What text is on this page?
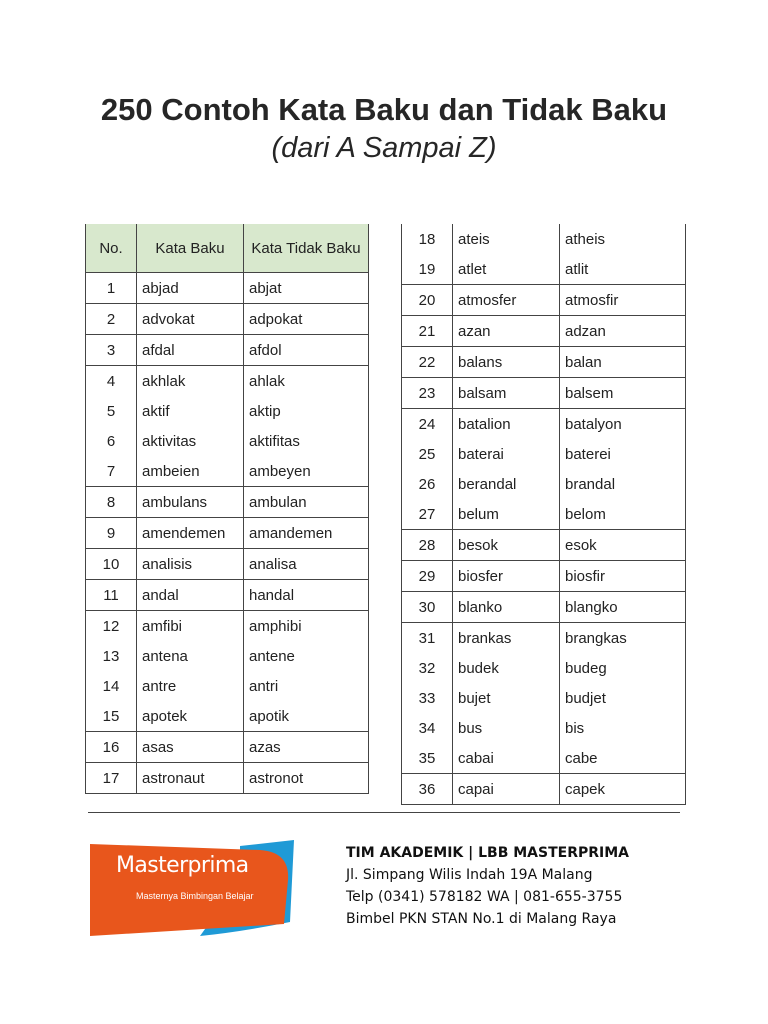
250 Contoh Kata Baku dan Tidak Baku
(dari A Sampai Z)
No.	Kata Baku	Kata Tidak Baku
1	abjad	abjat
2	advokat	adpokat
3	afdal	afdol
4	akhlak	ahlak
5	aktif	aktip
6	aktivitas	aktifitas
7	ambeien	ambeyen
8	ambulans	ambulan
9	amendemen	amandemen
10	analisis	analisa
11	andal	handal
12	amfibi	amphibi
13	antena	antene
14	antre	antri
15	apotek	apotik
16	asas	azas
17	astronaut	astronot
18	ateis	atheis
19	atlet	atlit
20	atmosfer	atmosfir
21	azan	adzan
22	balans	balan
23	balsam	balsem
24	batalion	batalyon
25	baterai	baterei
26	berandal	brandal
27	belum	belom
28	besok	esok
29	biosfer	biosfir
30	blanko	blangko
31	brankas	brangkas
32	budek	budeg
33	bujet	budjet
34	bus	bis
35	cabai	cabe
36	capai	capek
Masterprima
Masternya Bimbingan Belajar
TIM AKADEMIK | LBB MASTERPRIMA
Jl. Simpang Wilis Indah 19A Malang
Telp (0341) 578182 WA | 081-655-3755
Bimbel PKN STAN No.1 di Malang Raya
